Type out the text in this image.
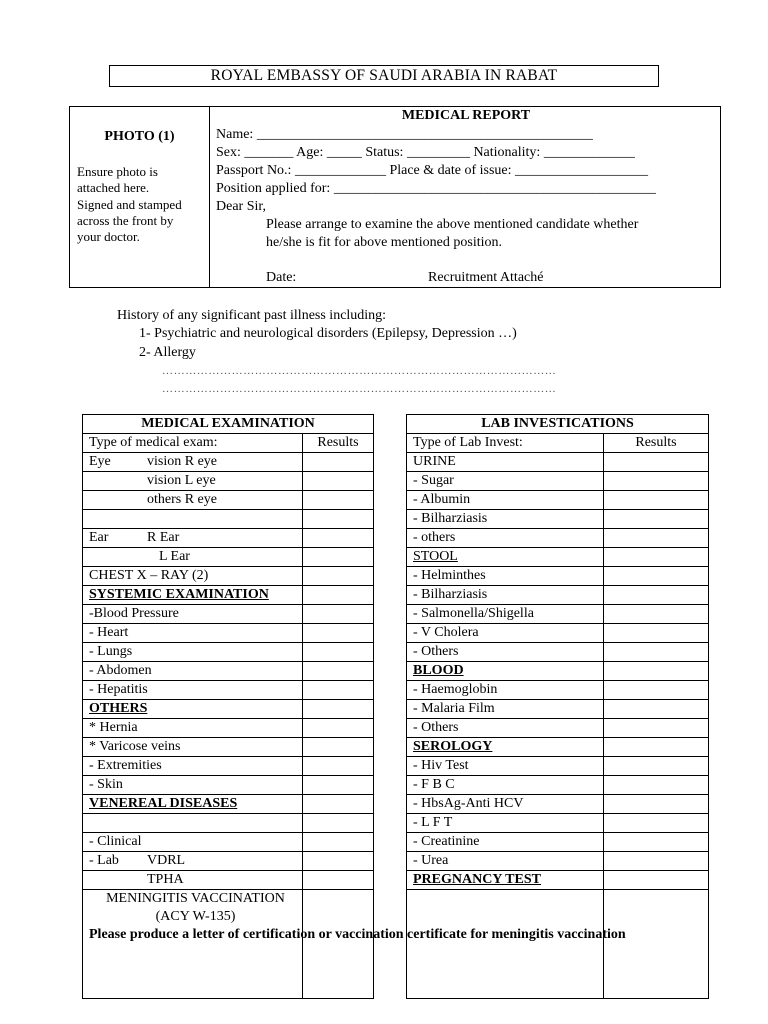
ROYAL EMBASSY OF SAUDI ARABIA IN RABAT
PHOTO (1)
Ensure photo is
attached here.
Signed and stamped
across the front by
your doctor.
MEDICAL REPORT
Name: ________________________________________________
Sex: _______ Age: _____ Status: _________ Nationality: _____________
Passport No.: _____________ Place & date of issue: ___________________
Position applied for: ______________________________________________
Dear Sir,
Please arrange to examine the above mentioned candidate whether
he/she is fit for above mentioned position.
Date:	Recruitment Attaché
History of any significant past illness including:
1- Psychiatric and neurological disorders (Epilepsy, Depression …)
2- Allergy
…………………………………………………………………………………………
…………………………………………………………………………………………
MEDICAL EXAMINATION	
Type of medical exam:	Results
Eye vision R eye	
vision L eye	
others R eye	

Ear R Ear	
L Ear	
CHEST X – RAY (2)	
SYSTEMIC EXAMINATION	
-Blood Pressure	
- Heart	
- Lungs	
- Abdomen	
- Hepatitis	
OTHERS	
* Hernia	
* Varicose veins	
- Extremities	
- Skin	
VENEREAL DISEASES	

- Clinical	
- Lab VDRL	
TPHA	

MENINGITIS VACCINATION
(ACY W-135)
Please produce a letter of certification or vaccination certificate for meningitis vaccination	

LAB INVESTICATIONS	
Type of Lab Invest:	Results
URINE	
- Sugar	
- Albumin	
- Bilharziasis	
- others	
STOOL	
- Helminthes	
- Bilharziasis	
- Salmonella/Shigella	
- V Cholera	
- Others	
BLOOD	
- Haemoglobin	
- Malaria Film	
- Others	
SEROLOGY	
- Hiv Test	
- F B C	
- HbsAg-Anti HCV	
- L F T	
- Creatinine	
- Urea	
PREGNANCY TEST	
